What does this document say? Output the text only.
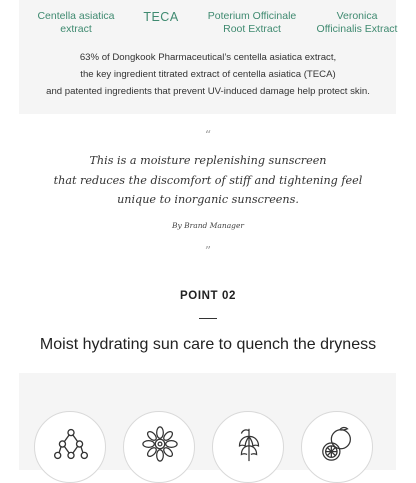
Centella asiatica
extract
TECA	Poterium Officinale
Root Extract
Veronica
Officinalis Extract
63% of Dongkook Pharmaceutical’s centella asiatica extract,
the key ingredient titrated extract of centella asiatica (TECA)
and patented ingredients that prevent UV-induced damage help protect skin.
“
This is a moisture replenishing sunscreen
that reduces the discomfort of stiff and tightening feel
unique to inorganic sunscreens.
By Brand Manager
”
POINT 02
Moist hydrating sun care to quench the dryness
